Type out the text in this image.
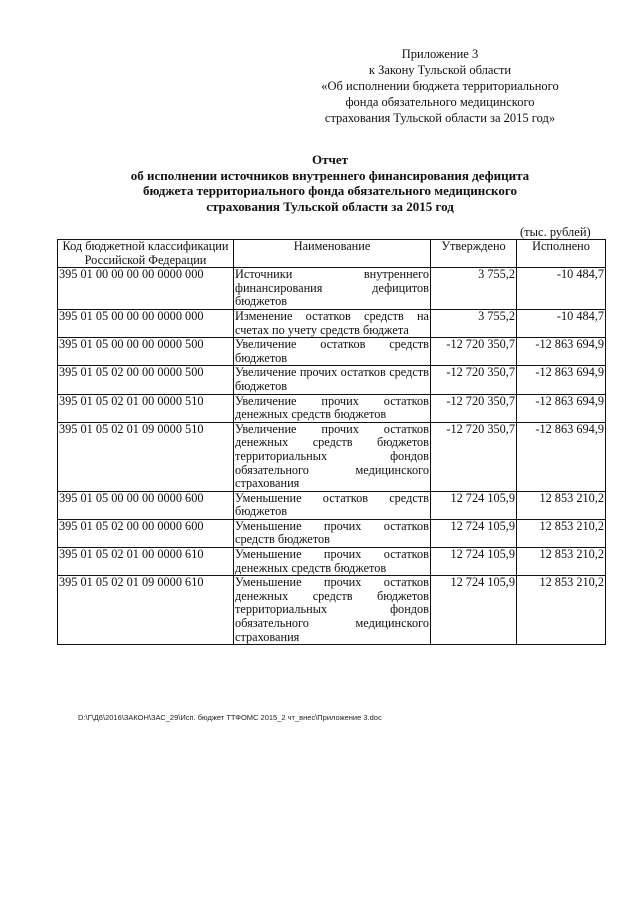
Приложение 3
к Закону Тульской области
«Об исполнении бюджета территориального
фонда обязательного медицинского
страхования Тульской области за 2015 год»
Отчет
об исполнении источников внутреннего финансирования дефицита
бюджета территориального фонда обязательного медицинского
страхования Тульской области за 2015 год
(тыс. рублей)
Код бюджетной классификации Российской Федерации	Наименование	Утверждено	Исполнено
395 01 00 00 00 00 0000 000	Источники внутреннего финансирования дефицитов бюджетов	3 755,2	-10 484,7
395 01 05 00 00 00 0000 000	Изменение остатков средств на счетах по учету средств бюджета	3 755,2	-10 484,7
395 01 05 00 00 00 0000 500	Увеличение остатков средств бюджетов	-12 720 350,7	-12 863 694,9
395 01 05 02 00 00 0000 500	Увеличение прочих остатков средств бюджетов	-12 720 350,7	-12 863 694,9
395 01 05 02 01 00 0000 510	Увеличение прочих остатков денежных средств бюджетов	-12 720 350,7	-12 863 694,9
395 01 05 02 01 09 0000 510	Увеличение прочих остатков денежных средств бюджетов территориальных фондов обязательного медицинского страхования	-12 720 350,7	-12 863 694,9
395 01 05 00 00 00 0000 600	Уменьшение остатков средств бюджетов	12 724 105,9	12 853 210,2
395 01 05 02 00 00 0000 600	Уменьшение прочих остатков средств бюджетов	12 724 105,9	12 853 210,2
395 01 05 02 01 00 0000 610	Уменьшение прочих остатков денежных средств бюджетов	12 724 105,9	12 853 210,2
395 01 05 02 01 09 0000 610	Уменьшение прочих остатков денежных средств бюджетов территориальных фондов обязательного медицинского страхования	12 724 105,9	12 853 210,2
D:\Г\Д6\2016\ЗАКОН\ЗАС_29\Исп. бюджет ТТФОМС 2015_2 чт_внес\Приложение 3.doc
